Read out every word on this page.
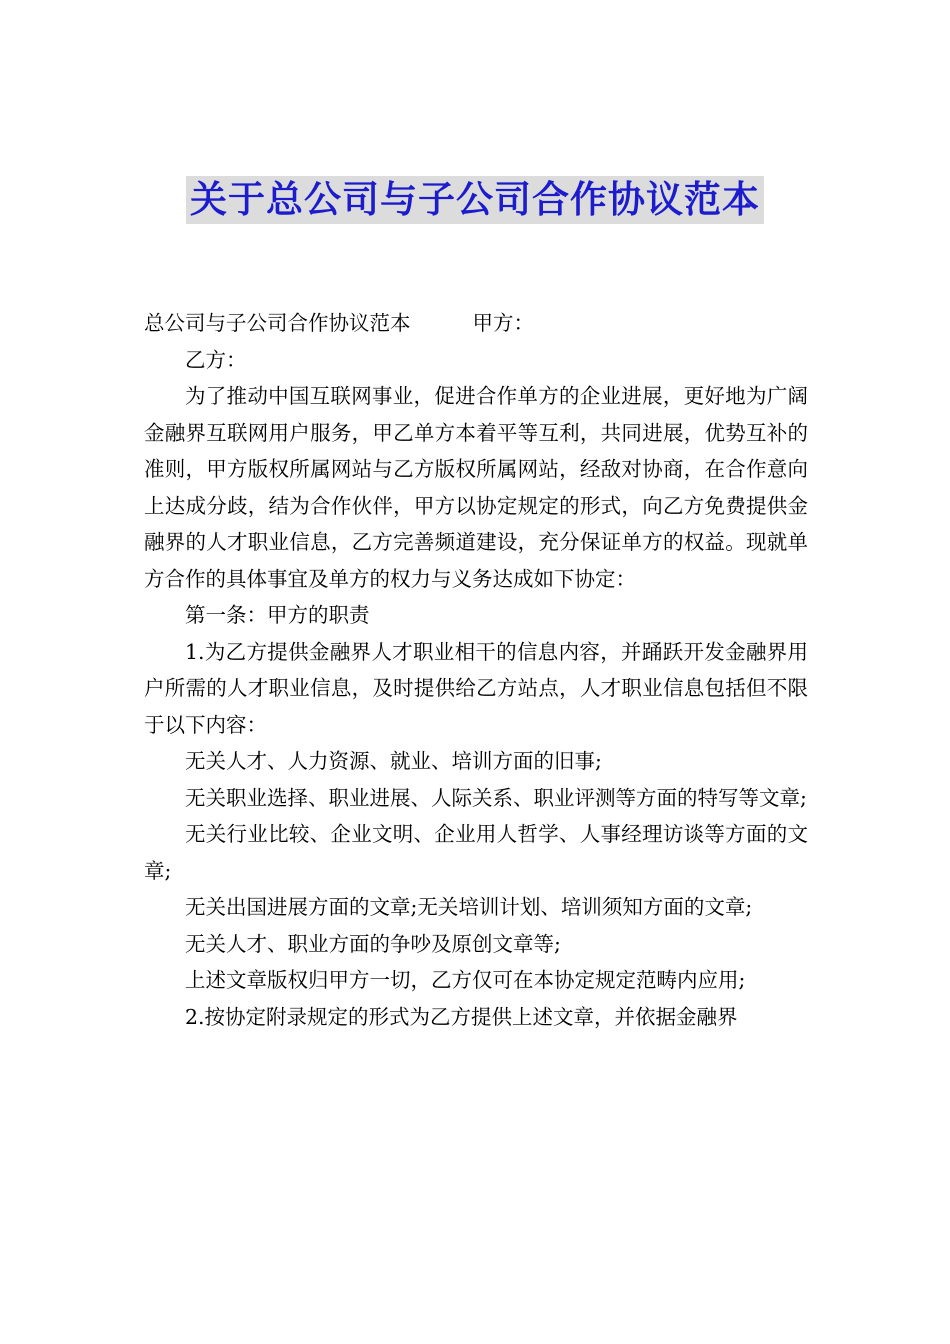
关于总公司与子公司合作协议范本

总公司与子公司合作协议范本	甲方：

乙方：

为了推动中国互联网事业，促进合作单方的企业进展，更好地为广阔金融界互联网用户服务，甲乙单方本着平等互利，共同进展，优势互补的准则，甲方版权所属网站与乙方版权所属网站，经敌对协商，在合作意向上达成分歧，结为合作伙伴，甲方以协定规定的形式，向乙方免费提供金融界的人才职业信息，乙方完善频道建设，充分保证单方的权益。现就单方合作的具体事宜及单方的权力与义务达成如下协定：

第一条：甲方的职责

1.为乙方提供金融界人才职业相干的信息内容，并踊跃开发金融界用户所需的人才职业信息，及时提供给乙方站点，人才职业信息包括但不限于以下内容：

无关人才、人力资源、就业、培训方面的旧事;

无关职业选择、职业进展、人际关系、职业评测等方面的特写等文章;

无关行业比较、企业文明、企业用人哲学、人事经理访谈等方面的文章;

无关出国进展方面的文章;无关培训计划、培训须知方面的文章;

无关人才、职业方面的争吵及原创文章等;

上述文章版权归甲方一切，乙方仅可在本协定规定范畴内应用;

2.按协定附录规定的形式为乙方提供上述文章，并依据金融界
